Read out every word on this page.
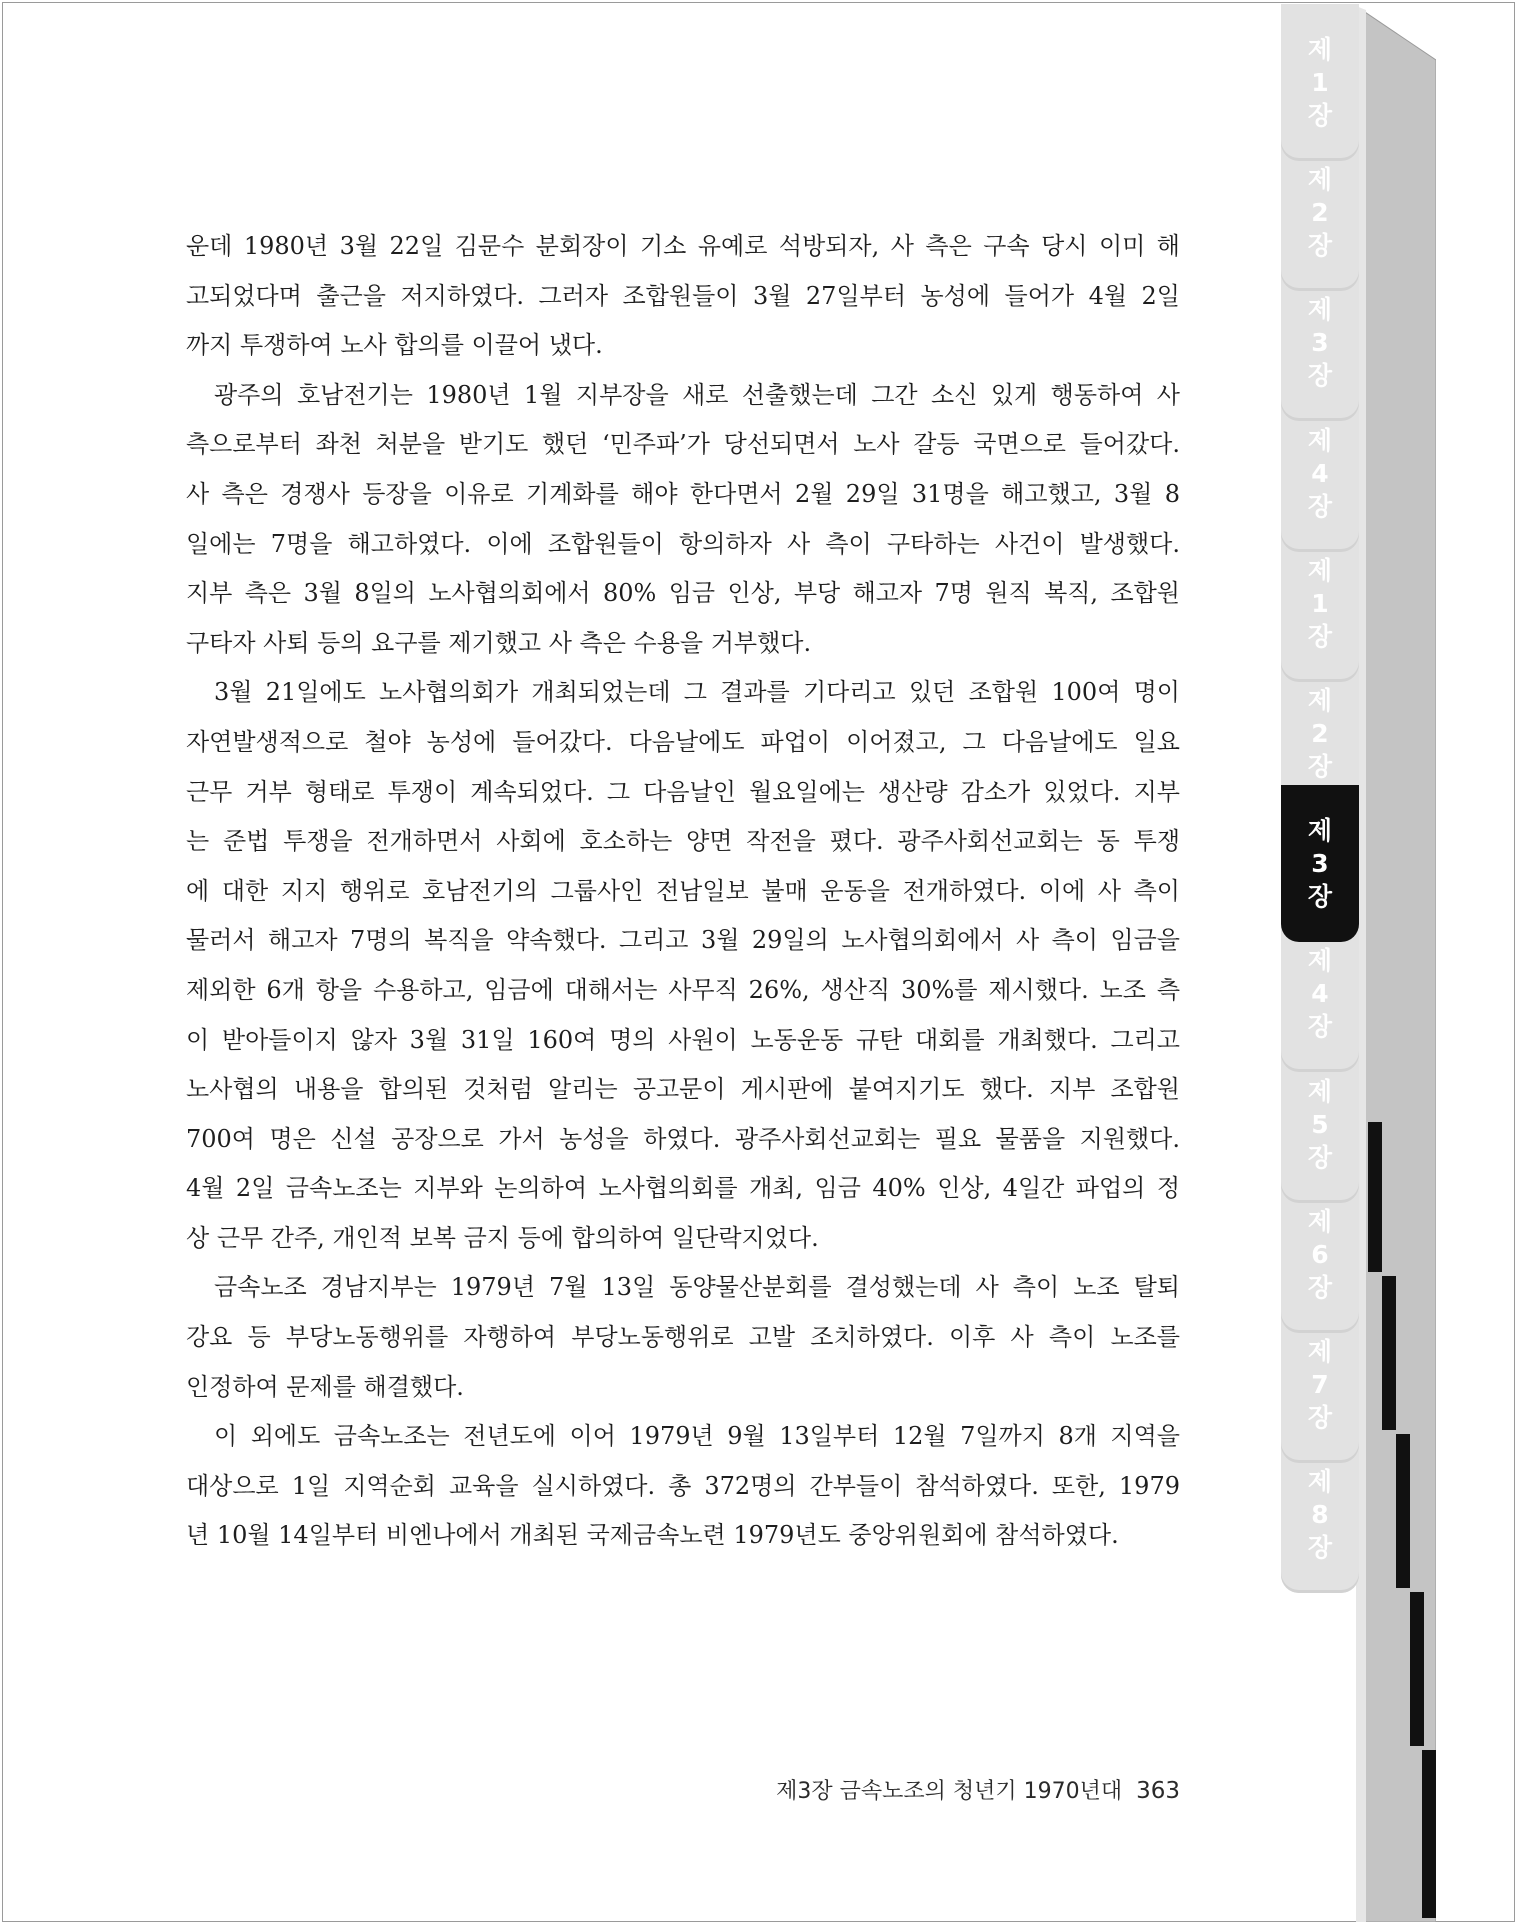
제1장
제2장
제3장
제4장
제1장
제2장
제3장
제4장
제5장
제6장
제7장
제8장

운데 1980년 3월 22일 김문수 분회장이 기소 유예로 석방되자, 사 측은 구속 당시 이미 해
고되었다며 출근을 저지하였다. 그러자 조합원들이 3월 27일부터 농성에 들어가 4월 2일
까지 투쟁하여 노사 합의를 이끌어 냈다.

광주의 호남전기는 1980년 1월 지부장을 새로 선출했는데 그간 소신 있게 행동하여 사
측으로부터 좌천 처분을 받기도 했던 ‘민주파’가 당선되면서 노사 갈등 국면으로 들어갔다.
사 측은 경쟁사 등장을 이유로 기계화를 해야 한다면서 2월 29일 31명을 해고했고, 3월 8
일에는 7명을 해고하였다. 이에 조합원들이 항의하자 사 측이 구타하는 사건이 발생했다.
지부 측은 3월 8일의 노사협의회에서 80% 임금 인상, 부당 해고자 7명 원직 복직, 조합원
구타자 사퇴 등의 요구를 제기했고 사 측은 수용을 거부했다.

3월 21일에도 노사협의회가 개최되었는데 그 결과를 기다리고 있던 조합원 100여 명이
자연발생적으로 철야 농성에 들어갔다. 다음날에도 파업이 이어졌고, 그 다음날에도 일요
근무 거부 형태로 투쟁이 계속되었다. 그 다음날인 월요일에는 생산량 감소가 있었다. 지부
는 준법 투쟁을 전개하면서 사회에 호소하는 양면 작전을 폈다. 광주사회선교회는 동 투쟁
에 대한 지지 행위로 호남전기의 그룹사인 전남일보 불매 운동을 전개하였다. 이에 사 측이
물러서 해고자 7명의 복직을 약속했다. 그리고 3월 29일의 노사협의회에서 사 측이 임금을
제외한 6개 항을 수용하고, 임금에 대해서는 사무직 26%, 생산직 30%를 제시했다. 노조 측
이 받아들이지 않자 3월 31일 160여 명의 사원이 노동운동 규탄 대회를 개최했다. 그리고
노사협의 내용을 합의된 것처럼 알리는 공고문이 게시판에 붙여지기도 했다. 지부 조합원
700여 명은 신설 공장으로 가서 농성을 하였다. 광주사회선교회는 필요 물품을 지원했다.
4월 2일 금속노조는 지부와 논의하여 노사협의회를 개최, 임금 40% 인상, 4일간 파업의 정
상 근무 간주, 개인적 보복 금지 등에 합의하여 일단락지었다.

금속노조 경남지부는 1979년 7월 13일 동양물산분회를 결성했는데 사 측이 노조 탈퇴
강요 등 부당노동행위를 자행하여 부당노동행위로 고발 조치하였다. 이후 사 측이 노조를
인정하여 문제를 해결했다.

이 외에도 금속노조는 전년도에 이어 1979년 9월 13일부터 12월 7일까지 8개 지역을
대상으로 1일 지역순회 교육을 실시하였다. 총 372명의 간부들이 참석하였다. 또한, 1979
년 10월 14일부터 비엔나에서 개최된 국제금속노련 1979년도 중앙위원회에 참석하였다.

제3장 금속노조의 청년기 1970년대 363
